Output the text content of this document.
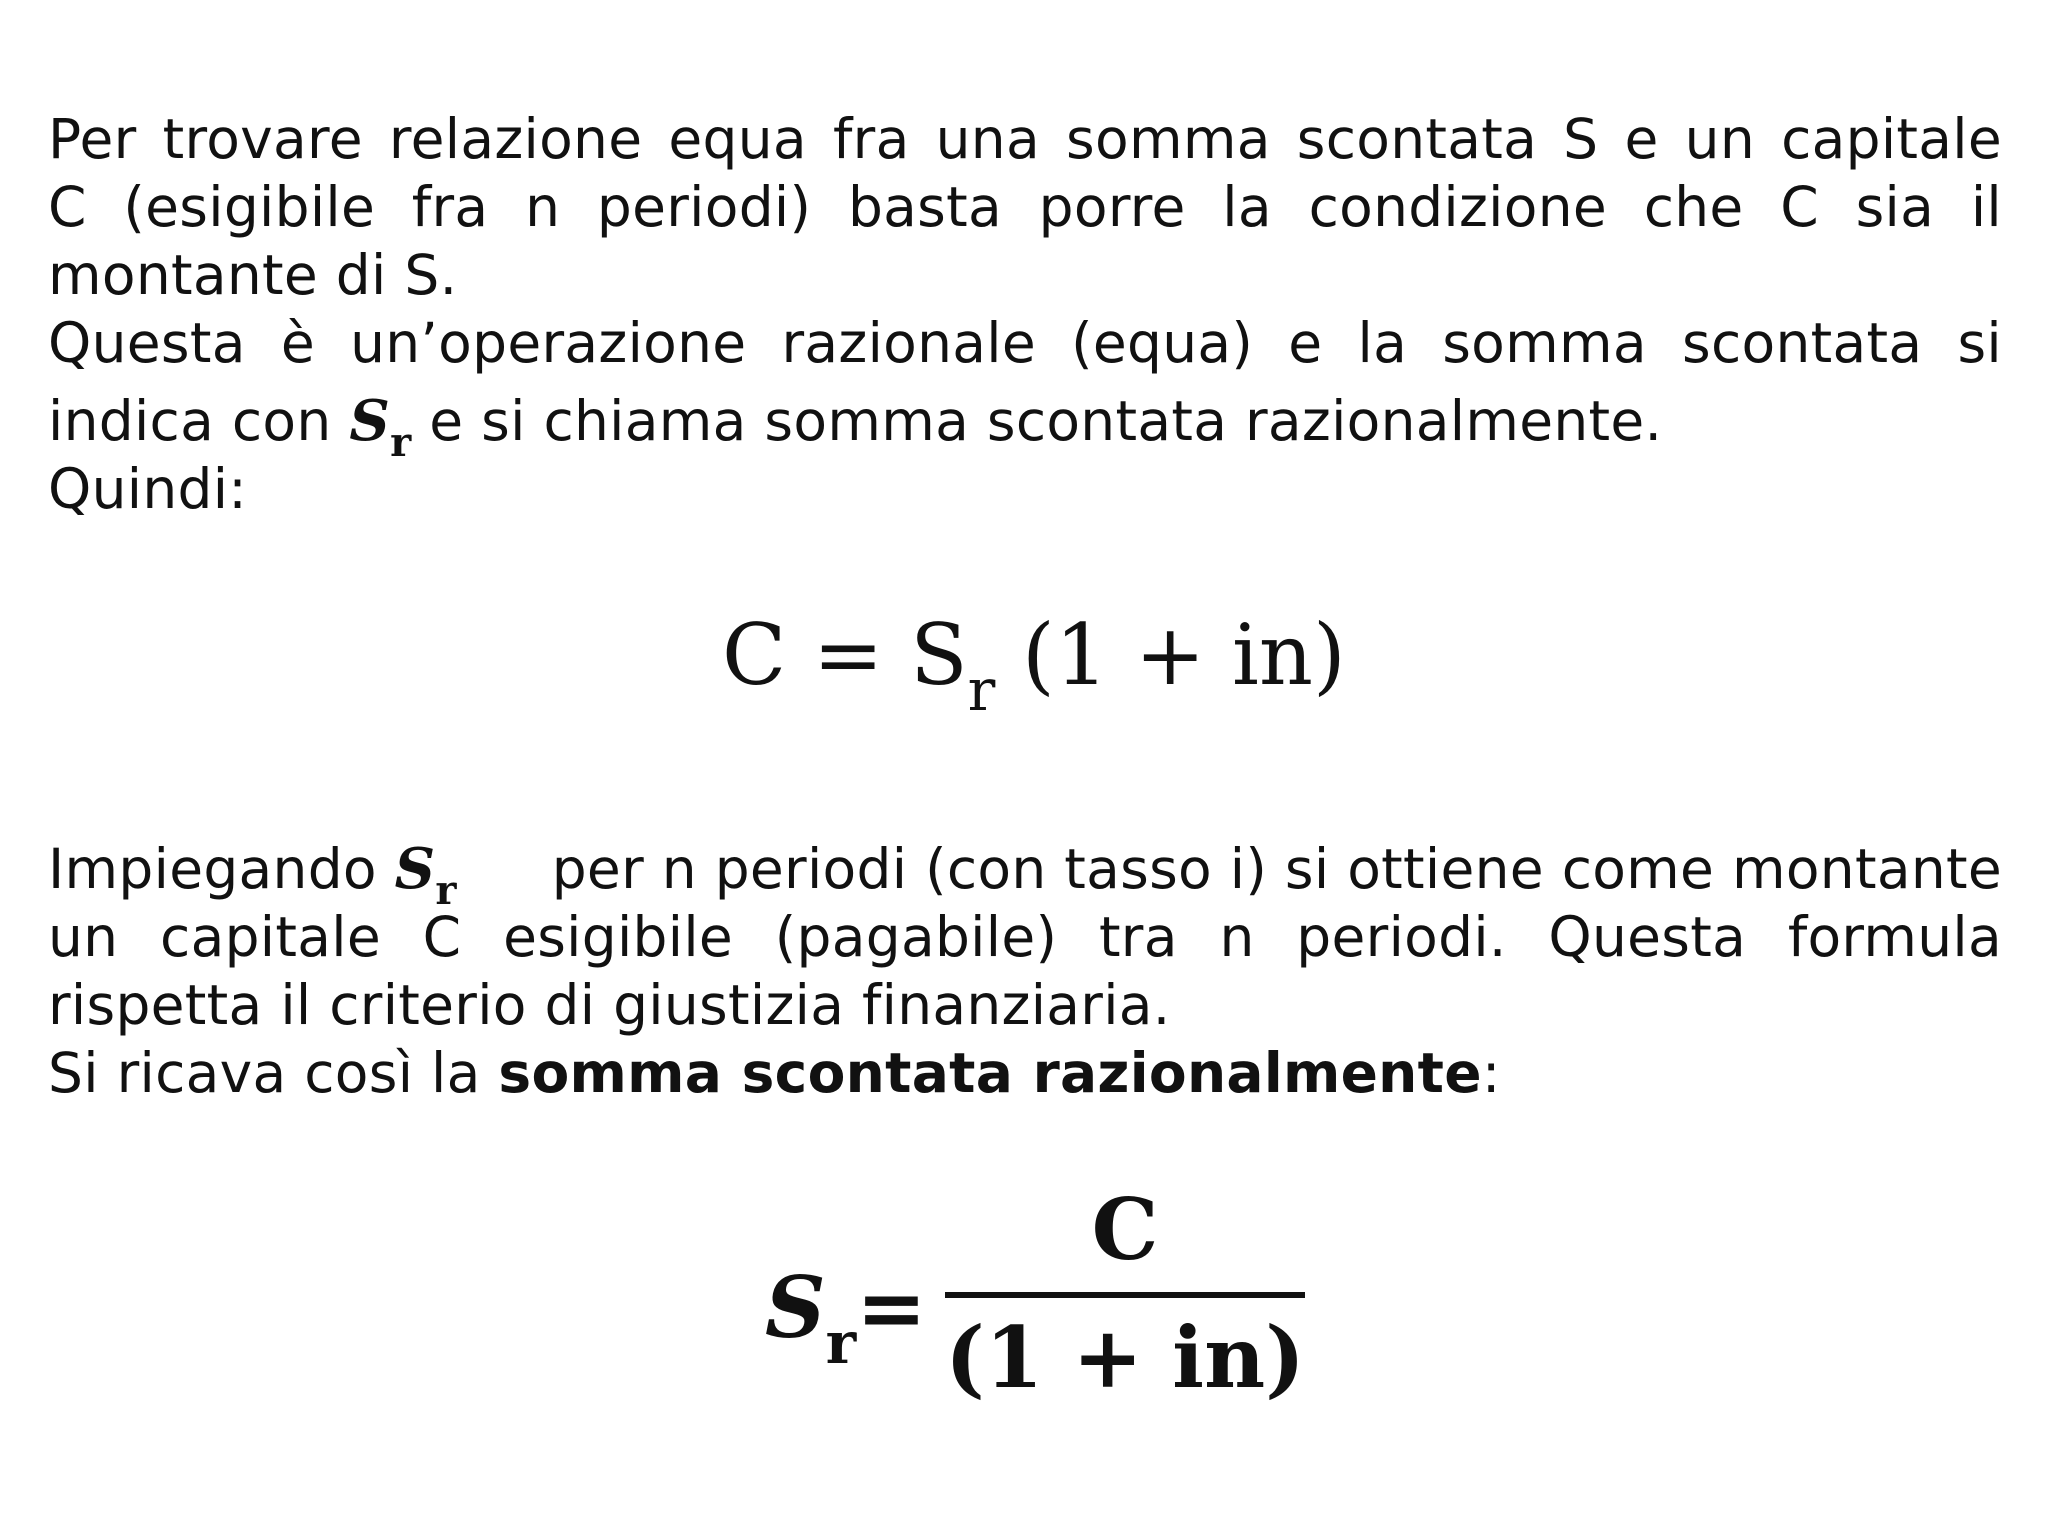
Per trovare relazione equa fra una somma scontata S e un capitale
C (esigibile fra n periodi) basta porre la condizione che C sia il
montante di S.
Questa è un’operazione razionale (equa) e la somma scontata si
indica con $S_r$ e si chiama somma scontata razionalmente.
Quindi:
$C = S_r$ (1 + in)
Impiegando $S_r$ per n periodi (con tasso i) si ottiene come montante
un capitale C esigibile (pagabile) tra n periodi. Questa formula
rispetta il criterio di giustizia finanziaria.
Si ricava così la somma scontata razionalmente:
$S_r=$
C
(1 + in)
